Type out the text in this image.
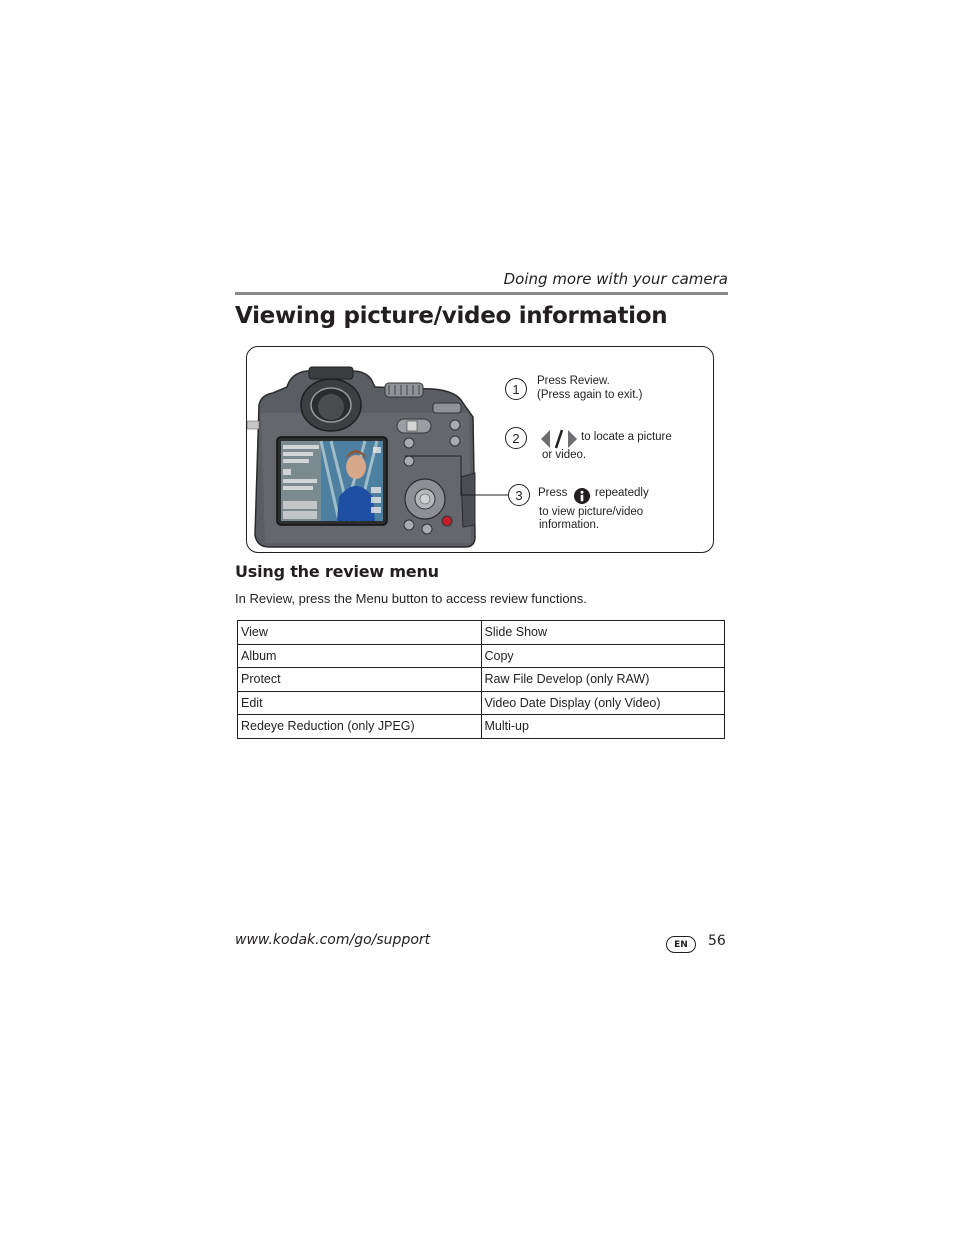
Doing more with your camera
Viewing picture/video information
1
Press Review.
(Press again to exit.)
2	to locate a picture
or video.
3	Press repeatedly
to view picture/video
information.
Using the review menu

In Review, press the Menu button to access review functions.

View	Slide Show
Album	Copy
Protect	Raw File Develop (only RAW)
Edit	Video Date Display (only Video)
Redeye Reduction (only JPEG)	Multi-up
www.kodak.com/go/support	EN	56
